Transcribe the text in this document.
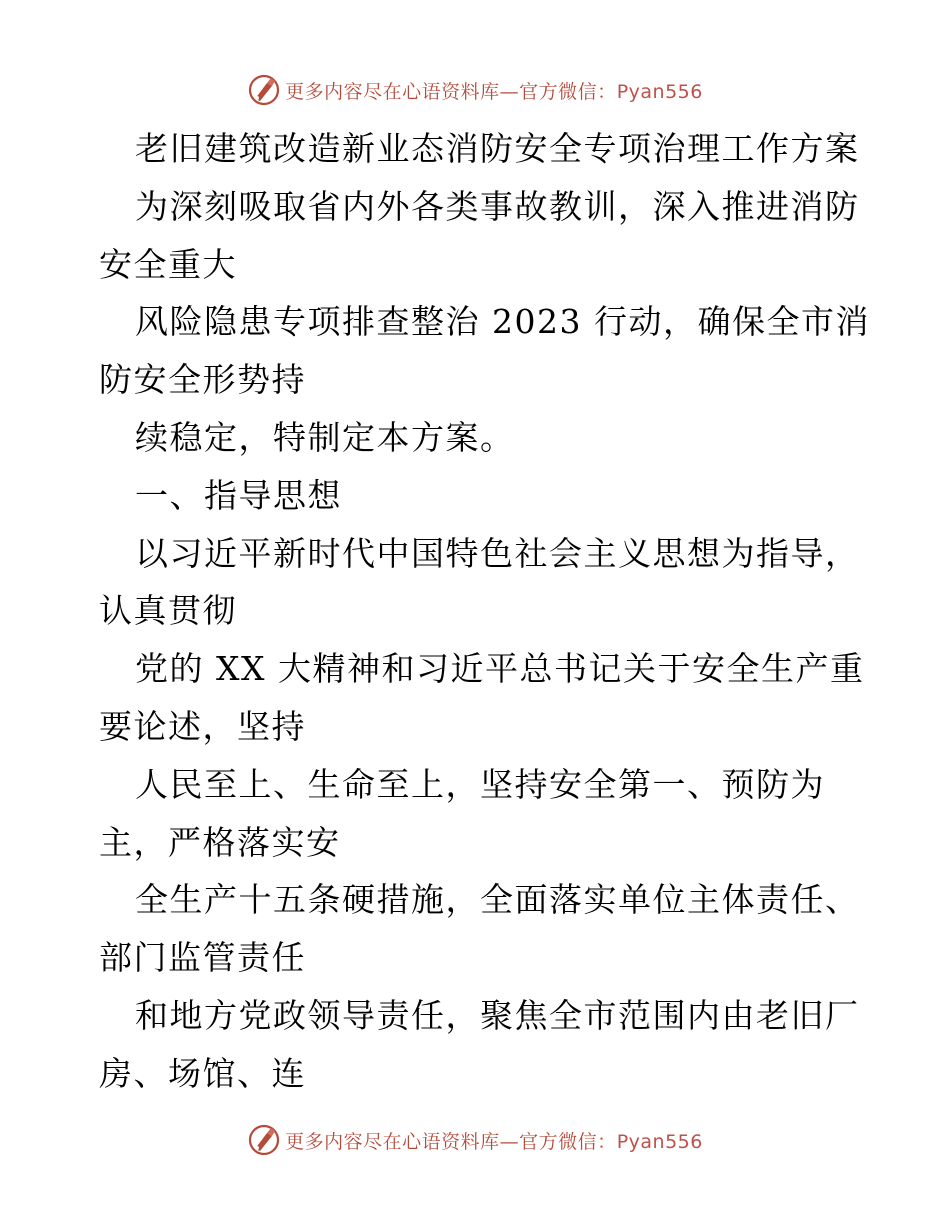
更多内容尽在心语资料库—官方微信：Pyan556
老旧建筑改造新业态消防安全专项治理工作方案
为深刻吸取省内外各类事故教训，深入推进消防
安全重大
风险隐患专项排查整治 2023 行动，确保全市消
防安全形势持
续稳定，特制定本方案。
一、指导思想
以习近平新时代中国特色社会主义思想为指导，
认真贯彻
党的 XX 大精神和习近平总书记关于安全生产重
要论述，坚持
人民至上、生命至上，坚持安全第一、预防为
主，严格落实安
全生产十五条硬措施，全面落实单位主体责任、
部门监管责任
和地方党政领导责任，聚焦全市范围内由老旧厂
房、场馆、连
更多内容尽在心语资料库—官方微信：Pyan556
